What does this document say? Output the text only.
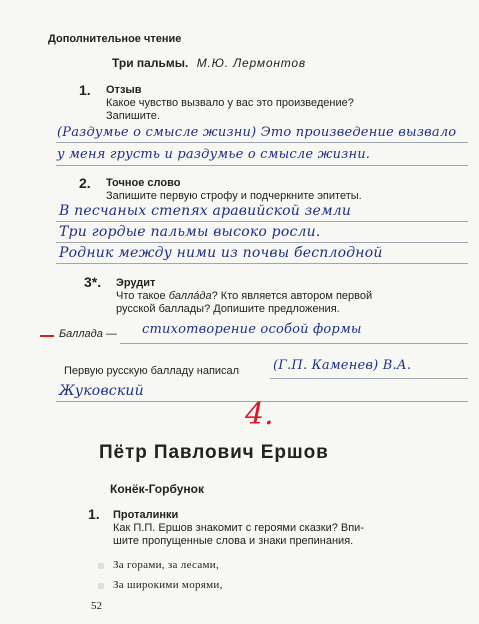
Дополнительное чтение
Три пальмы. М.Ю. Лермонтов
1. Отзыв
Какое чувство вызвало у вас это произведение?
Запишите.
(Раздумье о смысле жизни) Это произведение вызвало
у меня грусть и раздумье о смысле жизни.
2. Точное слово
Запишите первую строфу и подчеркните эпитеты.
В песчаных степях аравийской земли
Три гордые пальмы высоко росли.
Родник между ними из почвы бесплодной
3*. Эрудит
Что такое баллáда? Кто является автором первой
русской баллады? Допишите предложения.
Баллада — стихотворение особой формы
Первую русскую балладу написал	(Г.П. Каменев) В.А.
Жуковский
4.
Пётр Павлович Ершов
Конёк-Горбунок
1. Проталинки
Как П.П. Ершов знакомит с героями сказки? Впи-
шите пропущенные слова и знаки препинания.
За горами, за лесами,
За широкими морями,
52
